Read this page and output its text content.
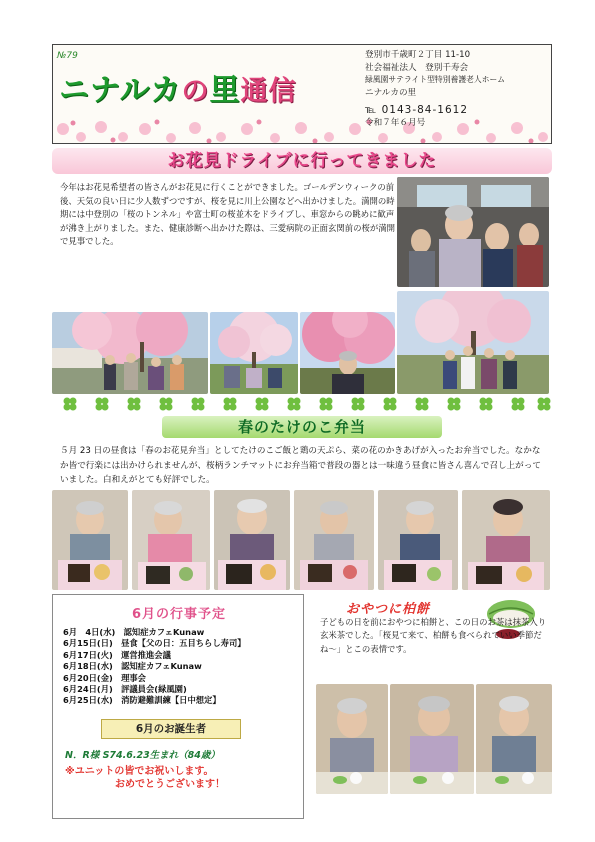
№79
ニナルカの里通信
登別市千歳町２丁目 11-10
社会福祉法人　登別千寿会
緑風園サテライト型特別養護老人ホーム
ニナルカの里
℡ 0143-84-1612
令和７年６月号
お花見ドライブに行ってきました
今年はお花見希望者の皆さんがお花見に行くことができました。ゴールデンウィークの前後、天気の良い日に少人数ずつですが、桜を見に川上公園などへ出かけました。満開の時期には中登別の「桜のトンネル」や富士町の桜並木をドライブし、車窓からの眺めに歓声が沸き上がりました。また、健康診断へ出かけた際は、三愛病院の正面玄関前の桜が満開で見事でした。
春のたけのこ弁当
５月 23 日の昼食は「春のお花見弁当」としてたけのこご飯と鶏の天ぷら、菜の花のかきあげが入ったお弁当でした。なかなか皆で行楽には出かけられませんが、桜柄ランチマットにお弁当箱で普段の器とは一味違う昼食に皆さん喜んで召し上がっていました。白和えがとても好評でした。
6月の行事予定
6月　4日(水)　認知症カフェKunaw
6月15日(日)　昼食【父の日：五目ちらし寿司】
6月17日(火)　運営推進会議
6月18日(水)　認知症カフェKunaw
6月20日(金)　理事会
6月24日(月)　評議員会(緑風園)
6月25日(水)　消防避難訓練【日中想定】
6月のお誕生者
N．R様 S74.6.23生まれ（84歳）
※ユニットの皆でお祝いします。
おめでとうございます！
おやつに柏餅
子どもの日を前におやつに柏餅と、この日のお茶は抹茶入り玄米茶でした。「桜見て来て、柏餅も食べられていい季節だね～」とこの表情です。
